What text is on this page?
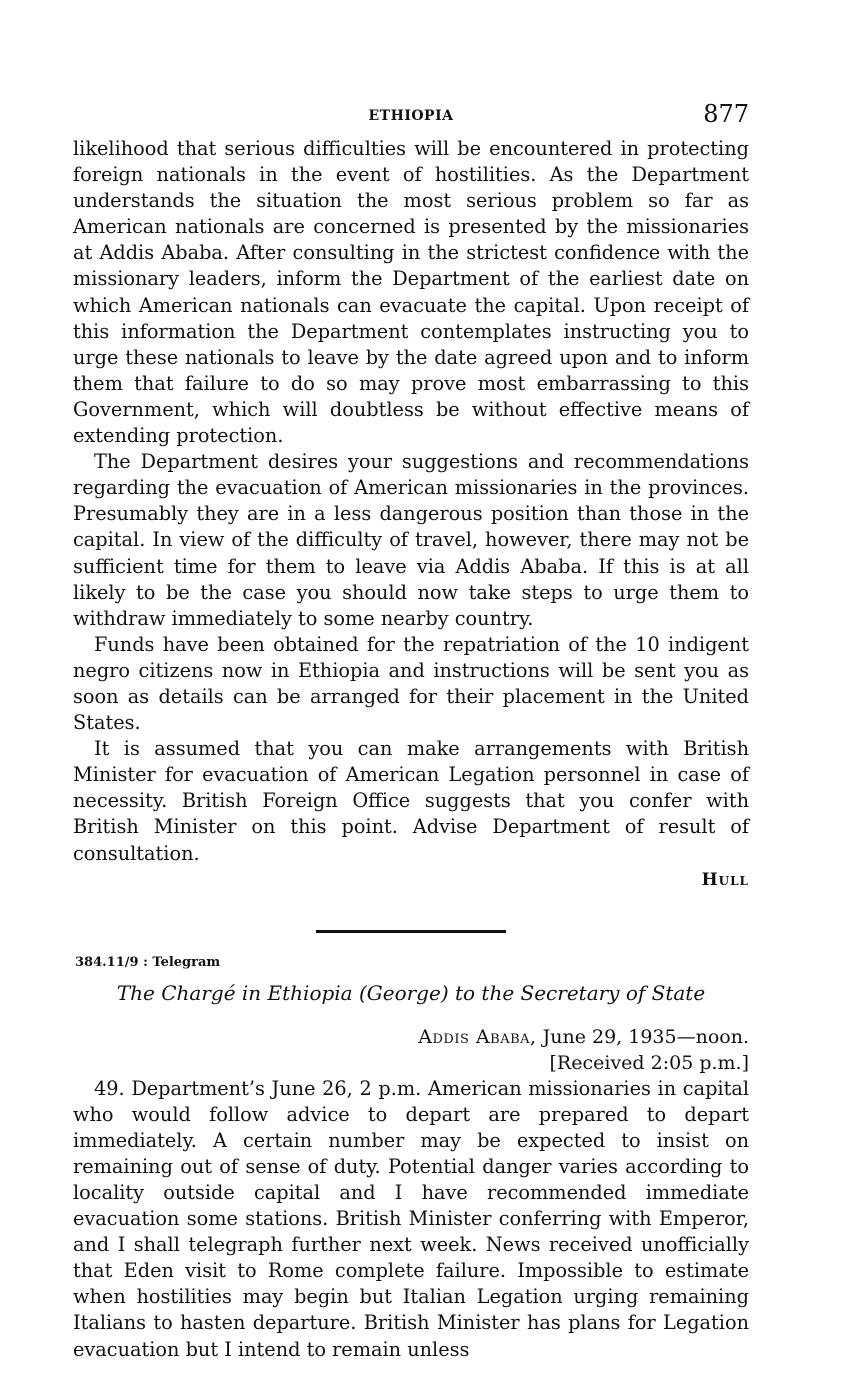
ETHIOPIA	877

likelihood that serious difficulties will be encountered in protecting foreign nationals in the event of hostilities. As the Department understands the situation the most serious problem so far as American nationals are concerned is presented by the missionaries at Addis Ababa. After consulting in the strictest confidence with the missionary leaders, inform the Department of the earliest date on which American nationals can evacuate the capital. Upon receipt of this information the Department contemplates instructing you to urge these nationals to leave by the date agreed upon and to inform them that failure to do so may prove most embarrassing to this Government, which will doubtless be without effective means of extending protection.

The Department desires your suggestions and recommendations regarding the evacuation of American missionaries in the provinces. Presumably they are in a less dangerous position than those in the capital. In view of the difficulty of travel, however, there may not be sufficient time for them to leave via Addis Ababa. If this is at all likely to be the case you should now take steps to urge them to withdraw immediately to some nearby country.

Funds have been obtained for the repatriation of the 10 indigent negro citizens now in Ethiopia and instructions will be sent you as soon as details can be arranged for their placement in the United States.

It is assumed that you can make arrangements with British Minister for evacuation of American Legation personnel in case of necessity. British Foreign Office suggests that you confer with British Minister on this point. Advise Department of result of consultation.

Hull
384.11/9 : Telegram
The Chargé in Ethiopia (George) to the Secretary of State
Addis Ababa, June 29, 1935—noon.
[Received 2:05 p.m.]

49. Department’s June 26, 2 p.m. American missionaries in capital who would follow advice to depart are prepared to depart immediately. A certain number may be expected to insist on remaining out of sense of duty. Potential danger varies according to locality outside capital and I have recommended immediate evacuation some stations. British Minister conferring with Emperor, and I shall telegraph further next week. News received unofficially that Eden visit to Rome complete failure. Impossible to estimate when hostilities may begin but Italian Legation urging remaining Italians to hasten departure. British Minister has plans for Legation evacuation but I intend to remain unless
